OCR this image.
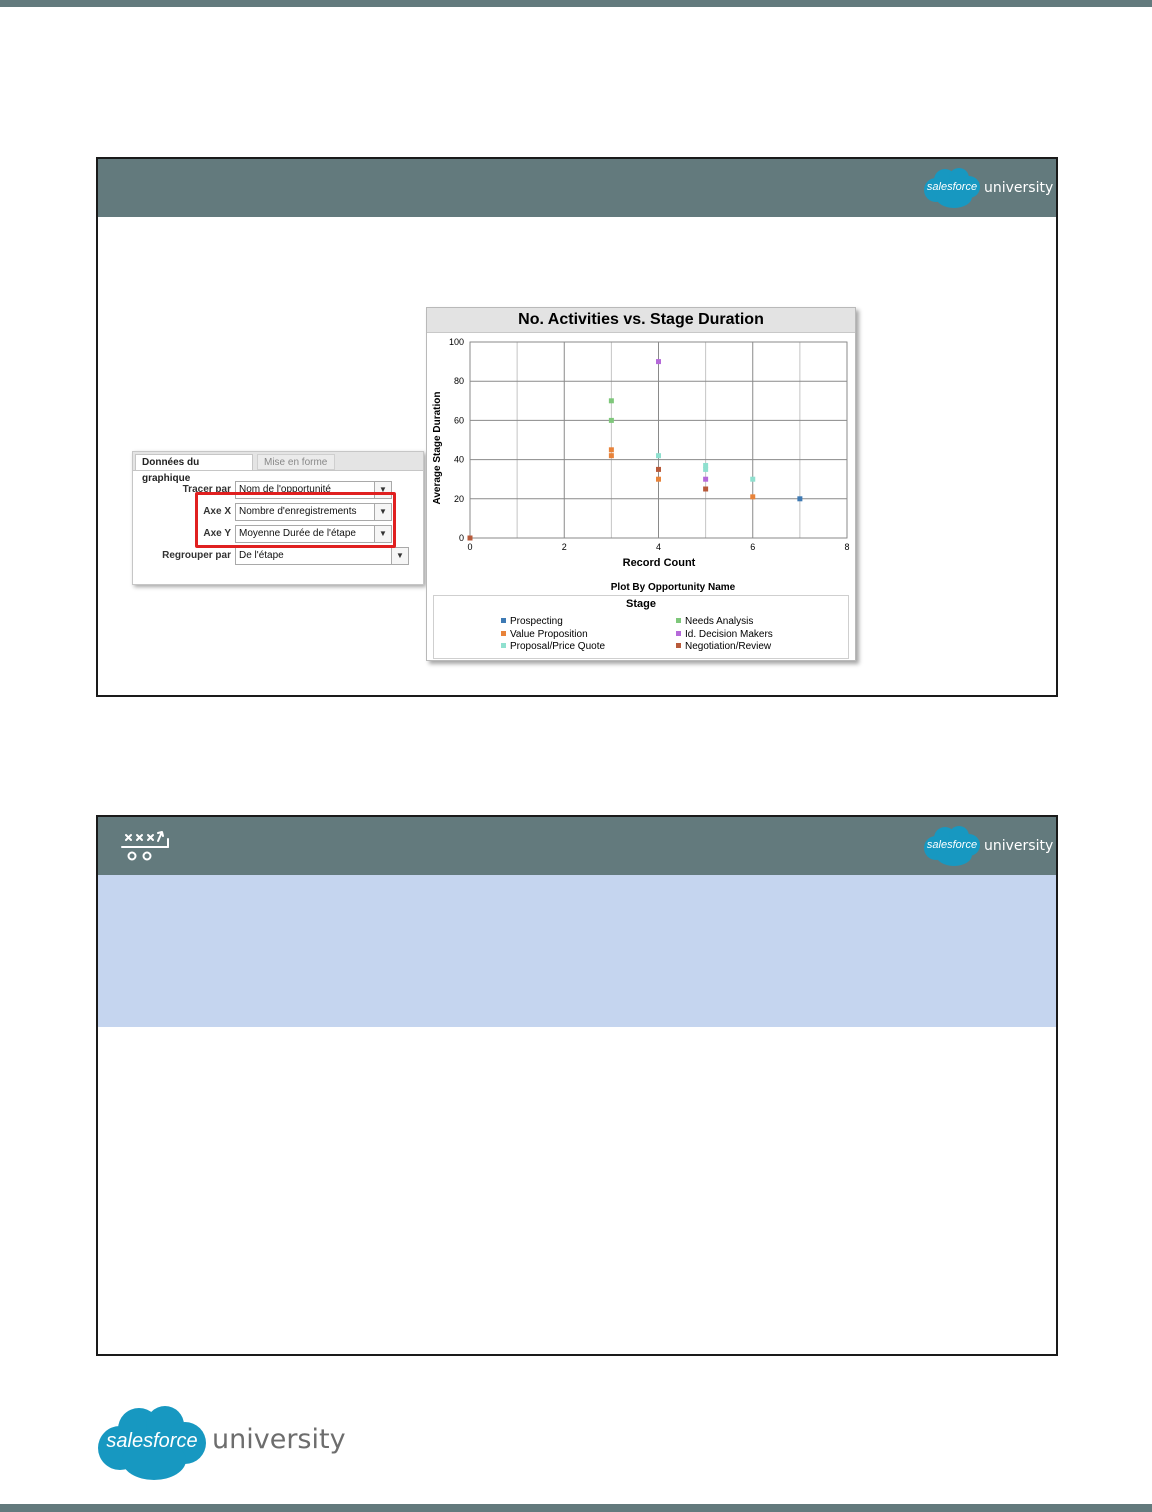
salesforce university
Données du graphique
Mise en forme
Tracer par Nom de l'opportunité	▼
Axe X Nombre d'enregistrements	▼
Axe Y Moyenne Durée de l'étape	▼
Regrouper par De l'étape	▼
No. Activities vs. Stage Duration
0	2	4	6	8
0
20
40
60
80
100
Record Count
Average Stage Duration
Plot By Opportunity Name
Stage
Prospecting	Needs Analysis
Value Proposition	Id. Decision Makers
Proposal/Price Quote	Negotiation/Review
salesforce university
salesforce university
